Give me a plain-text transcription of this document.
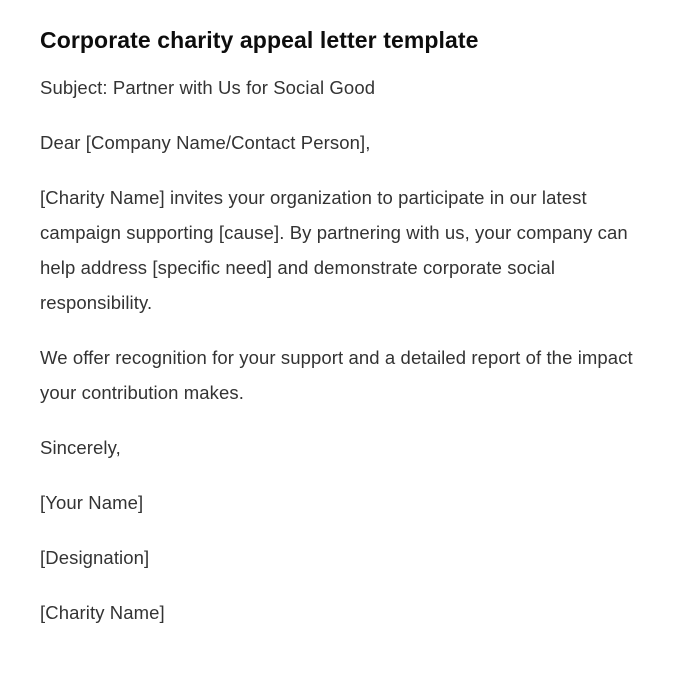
Corporate charity appeal letter template

Subject: Partner with Us for Social Good

Dear [Company Name/Contact Person],

[Charity Name] invites your organization to participate in our latest campaign supporting [cause]. By partnering with us, your company can help address [specific need] and demonstrate corporate social responsibility.

We offer recognition for your support and a detailed report of the impact your contribution makes.

Sincerely,

[Your Name]

[Designation]

[Charity Name]
